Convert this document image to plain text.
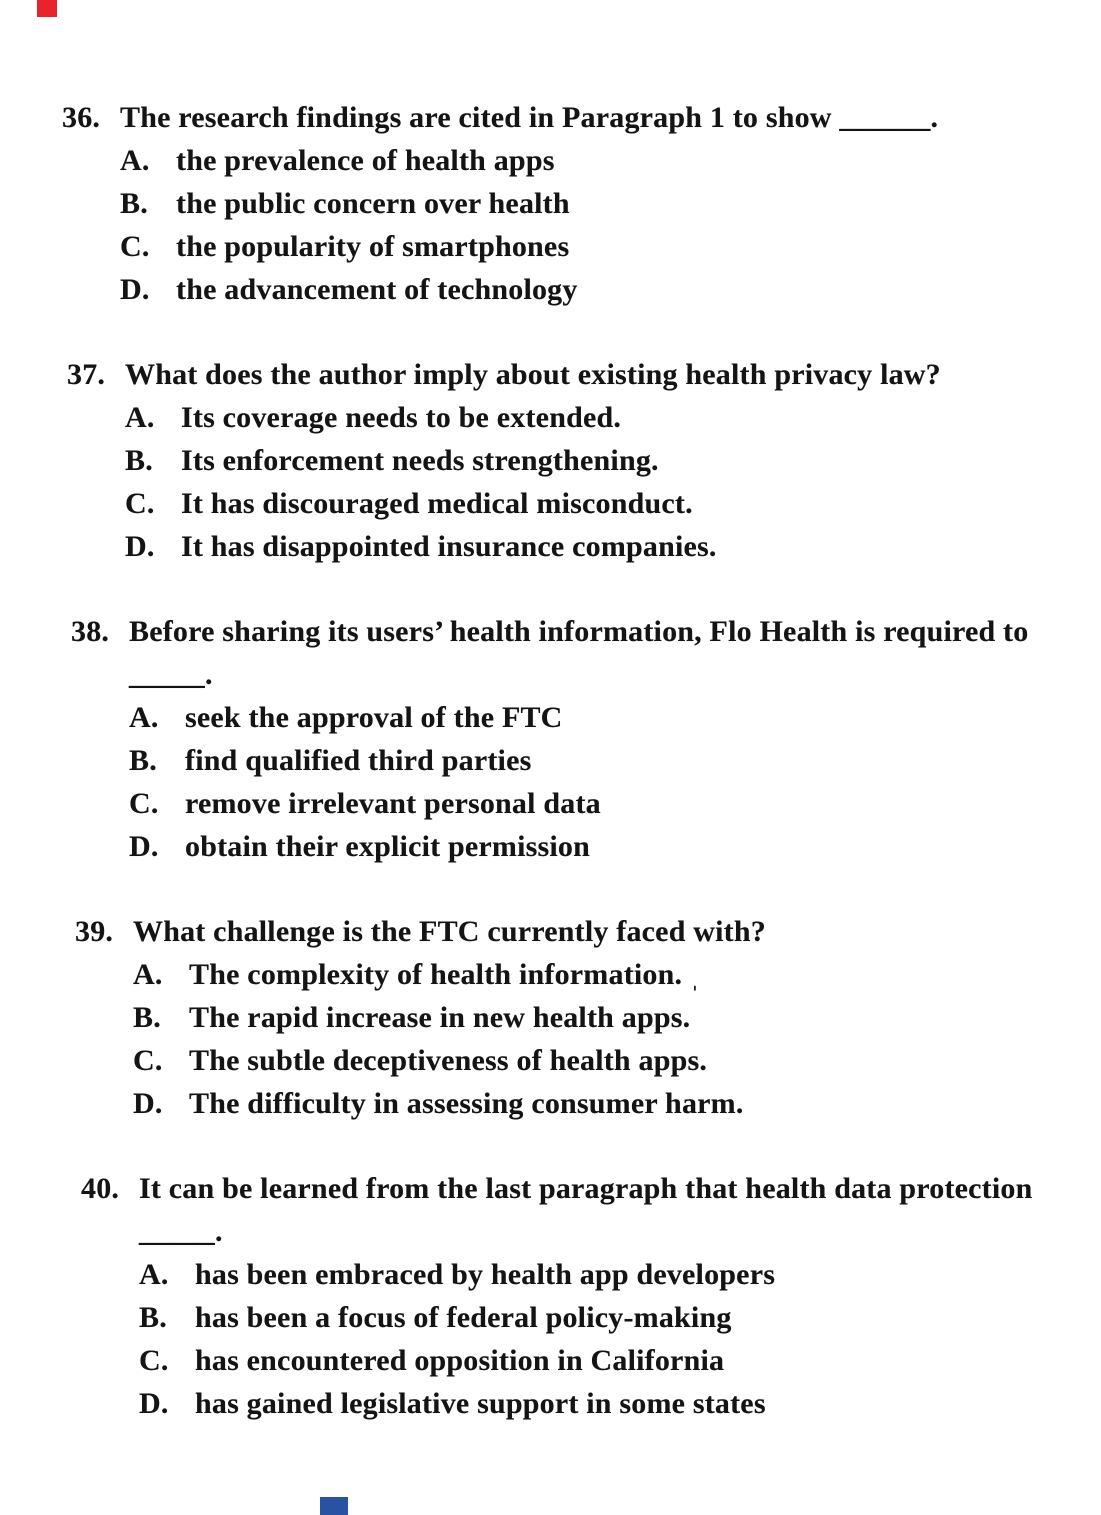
36. The research findings are cited in Paragraph 1 to show ______.
A. the prevalence of health apps
B. the public concern over health
C. the popularity of smartphones
D. the advancement of technology
37. What does the author imply about existing health privacy law?
A. Its coverage needs to be extended.
B. Its enforcement needs strengthening.
C. It has discouraged medical misconduct.
D. It has disappointed insurance companies.
38. Before sharing its users’ health information, Flo Health is required to _____.
A. seek the approval of the FTC
B. find qualified third parties
C. remove irrelevant personal data
D. obtain their explicit permission
39. What challenge is the FTC currently faced with?
A. The complexity of health information. ˌ
B. The rapid increase in new health apps.
C. The subtle deceptiveness of health apps.
D. The difficulty in assessing consumer harm.
40. It can be learned from the last paragraph that health data protection _____.
A. has been embraced by health app developers
B. has been a focus of federal policy-making
C. has encountered opposition in California
D. has gained legislative support in some states
